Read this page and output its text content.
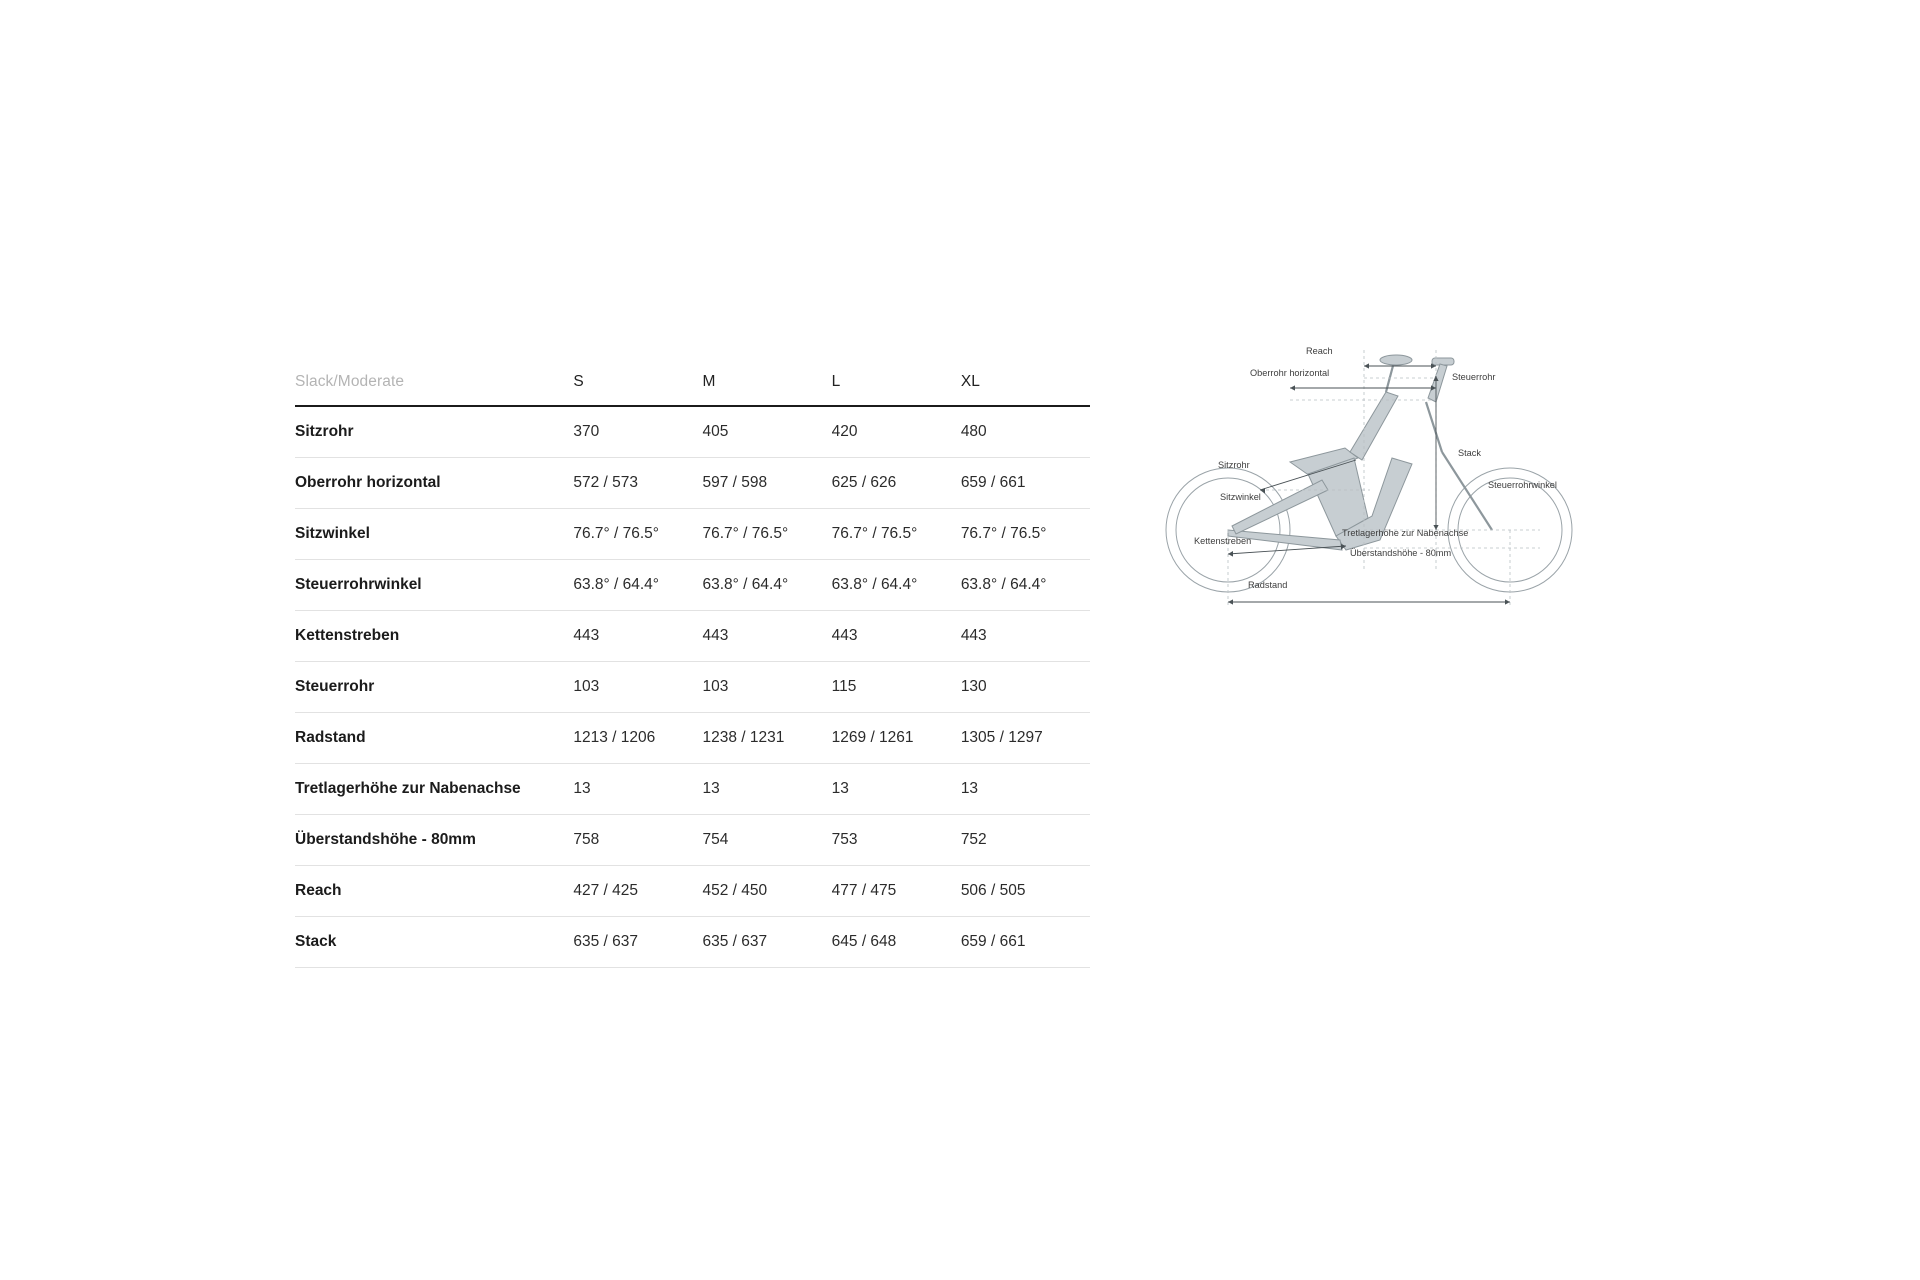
Slack/Moderate	S	M	L	XL
Sitzrohr	370	405	420	480
Oberrohr horizontal	572 / 573	597 / 598	625 / 626	659 / 661
Sitzwinkel	76.7° / 76.5°	76.7° / 76.5°	76.7° / 76.5°	76.7° / 76.5°
Steuerrohrwinkel	63.8° / 64.4°	63.8° / 64.4°	63.8° / 64.4°	63.8° / 64.4°
Kettenstreben	443	443	443	443
Steuerrohr	103	103	115	130
Radstand	1213 / 1206	1238 / 1231	1269 / 1261	1305 / 1297
Tretlagerhöhe zur Nabenachse	13	13	13	13
Überstandshöhe - 80mm	758	754	753	752
Reach	427 / 425	452 / 450	477 / 475	506 / 505
Stack	635 / 637	635 / 637	645 / 648	659 / 661
Reach
Oberrohr horizontal	Steuerrohr
Sitzrohr
Stack
Steuerrohrwinkel
Sitzwinkel
Kettenstreben
Tretlagerhöhe zur Nabenachse
Überstandshöhe - 80mm
Radstand
